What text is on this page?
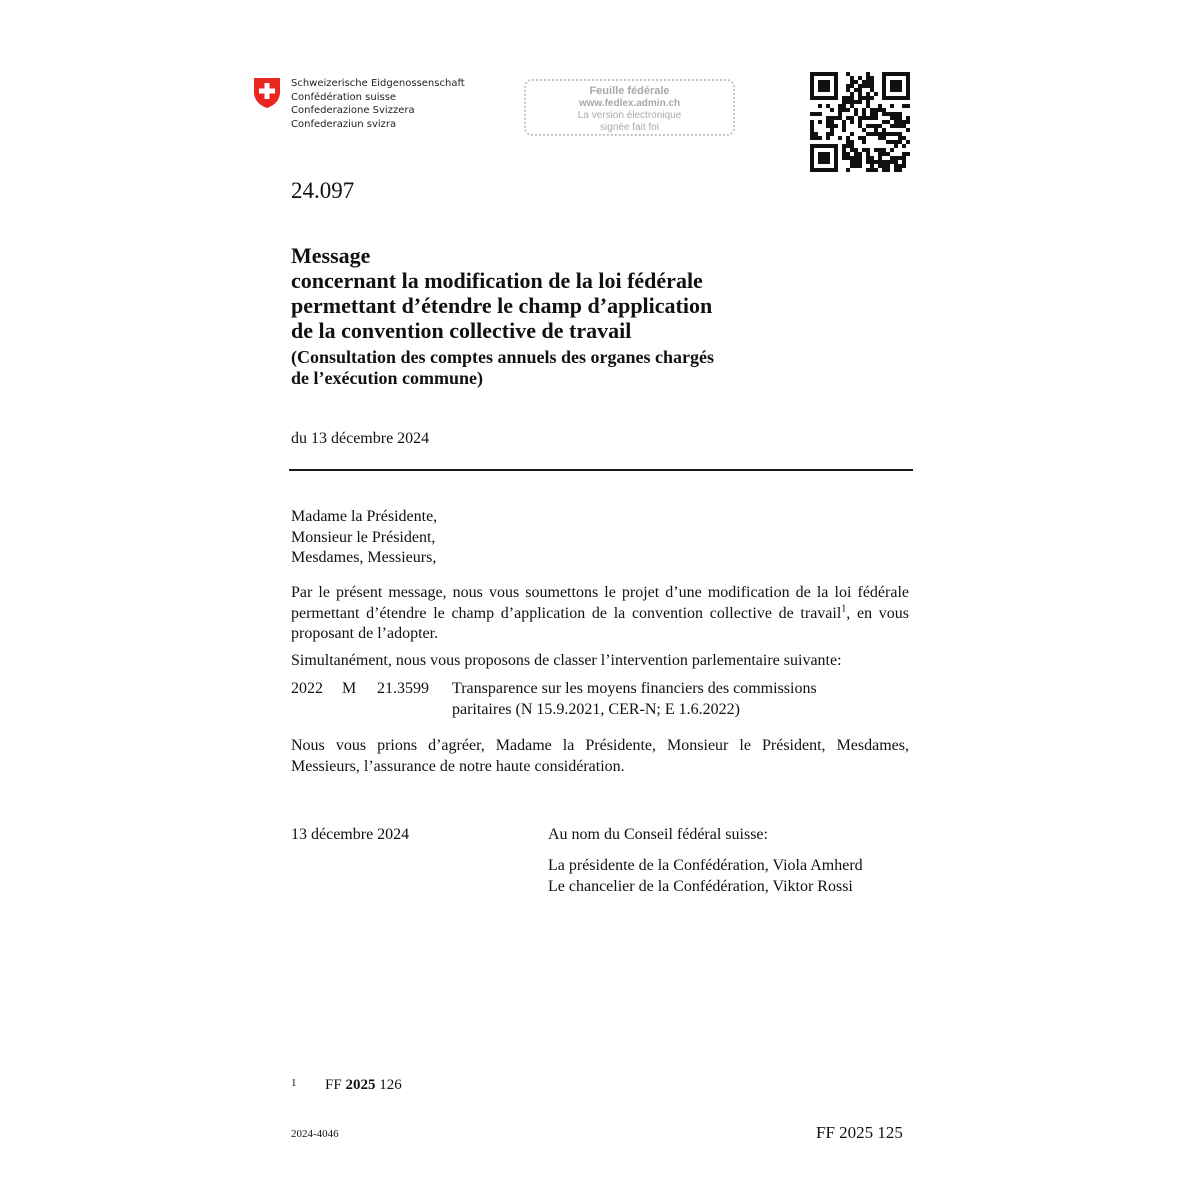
Schweizerische Eidgenossenschaft
Confédération suisse
Confederazione Svizzera
Confederaziun svizra
Feuille fédérale
www.fedlex.admin.ch
La version électronique
signée fait foi
24.097
Message
concernant la modification de la loi fédérale
permettant d’étendre le champ d’application
de la convention collective de travail
(Consultation des comptes annuels des organes chargés
de l’exécution commune)
du 13 décembre 2024
Madame la Présidente,
Monsieur le Président,
Mesdames, Messieurs,
Par le présent message, nous vous soumettons le projet d’une modification de la loi fédérale permettant d’étendre le champ d’application de la convention collective de travail$^1$, en vous proposant de l’adopter.
Simultanément, nous vous proposons de classer l’intervention parlementaire suivante:
2022 M 21.3599 Transparence sur les moyens financiers des commissions
paritaires (N 15.9.2021, CER-N; E 1.6.2022)
Nous vous prions d’agréer, Madame la Présidente, Monsieur le Président, Mesdames, Messieurs, l’assurance de notre haute considération.
13 décembre 2024	Au nom du Conseil fédéral suisse:
La présidente de la Confédération, Viola Amherd
Le chancelier de la Confédération, Viktor Rossi
1 FF 2025 126
2024-4046	FF 2025 125
